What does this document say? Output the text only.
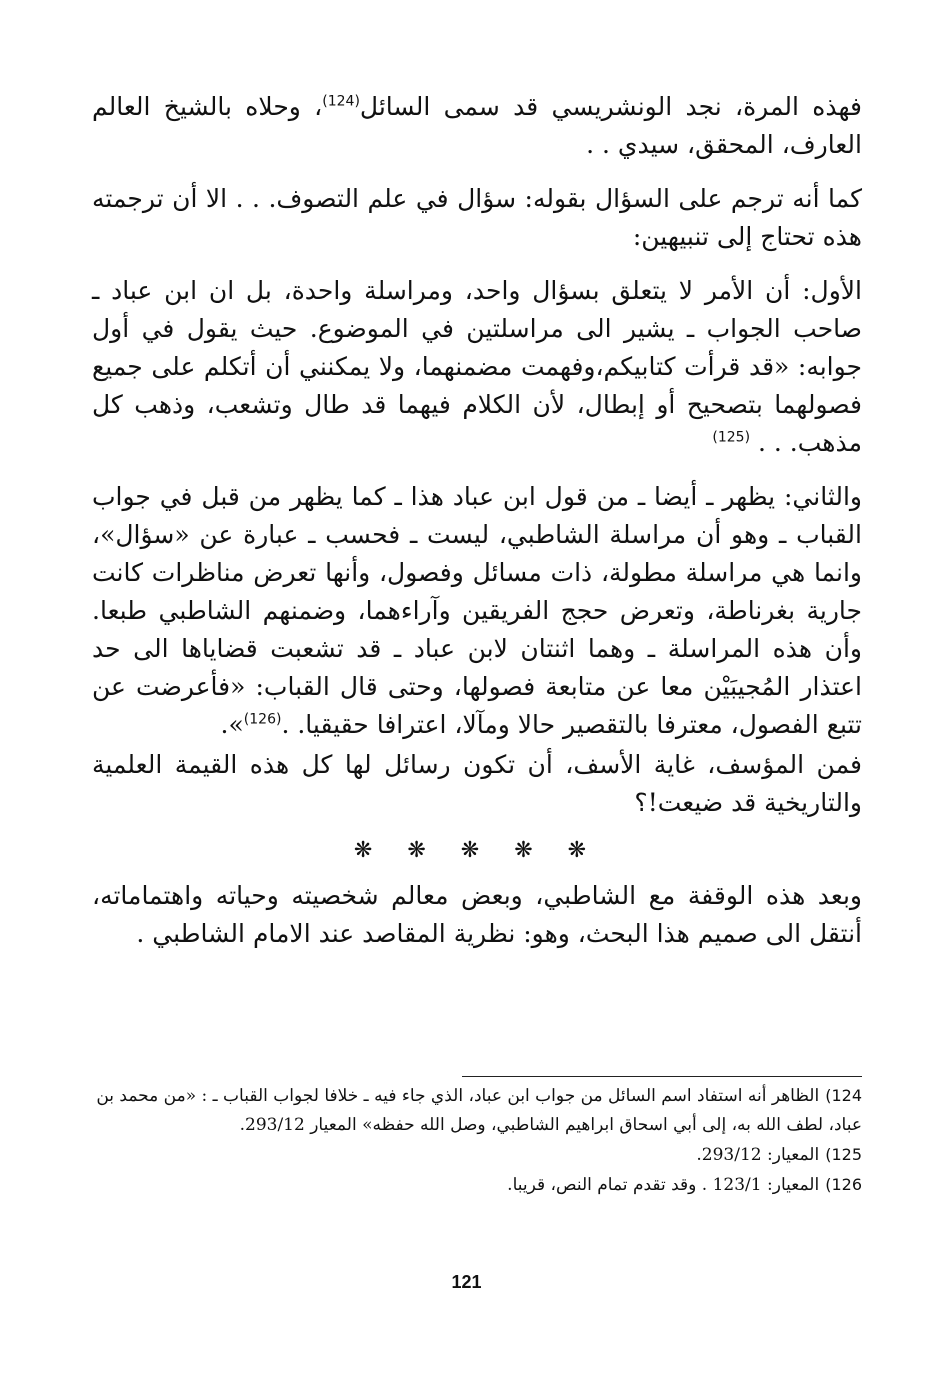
فهذه المرة، نجد الونشريسي قد سمى السائل$^{(124)}$، وحلاه بالشيخ العالم العارف، المحقق، سيدي . .

كما أنه ترجم على السؤال بقوله: سؤال في علم التصوف. . . الا أن ترجمته هذه تحتاج إلى تنبيهين:

الأول: أن الأمر لا يتعلق بسؤال واحد، ومراسلة واحدة، بل ان ابن عباد ـ صاحب الجواب ـ يشير الى مراسلتين في الموضوع. حيث يقول في أول جوابه: «قد قرأت كتابيكم،وفهمت مضمنهما، ولا يمكنني أن أتكلم على جميع فصولهما بتصحيح أو إبطال، لأن الكلام فيهما قد طال وتشعب، وذهب كل مذهب. . . $^{(125)}$

والثاني: يظهر ـ أيضا ـ من قول ابن عباد هذا ـ كما يظهر من قبل في جواب القباب ـ وهو أن مراسلة الشاطبي، ليست ـ فحسب ـ عبارة عن «سؤال»، وانما هي مراسلة مطولة، ذات مسائل وفصول، وأنها تعرض مناظرات كانت جارية بغرناطة، وتعرض حجج الفريقين وآراءهما، وضمنهم الشاطبي طبعا. وأن هذه المراسلة ـ وهما اثنتان لابن عباد ـ قد تشعبت قضاياها الى حد اعتذار المُجيبَيْن معا عن متابعة فصولها، وحتى قال القباب: «فأعرضت عن تتبع الفصول، معترفا بالتقصير حالا ومآلا، اعترافا حقيقيا. .$^{(126)}$».

فمن المؤسف، غاية الأسف، أن تكون رسائل لها كل هذه القيمة العلمية والتاريخية قد ضيعت!؟

❋ ❋ ❋ ❋ ❋

وبعد هذه الوقفة مع الشاطبي، وبعض معالم شخصيته وحياته واهتماماته، أنتقل الى صميم هذا البحث، وهو: نظرية المقاصد عند الامام الشاطبي .

124)الظاهر أنه استفاد اسم السائل من جواب ابن عباد، الذي جاء فيه ـ خلافا لجواب القباب ـ : «من محمد بن عباد، لطف الله به، إلى أبي اسحاق ابراهيم الشاطبي، وصل الله حفظه» المعيار 293/12.

125)المعيار: 293/12.

126)المعيار: 123/1 . وقد تقدم تمام النص، قريبا.

121
